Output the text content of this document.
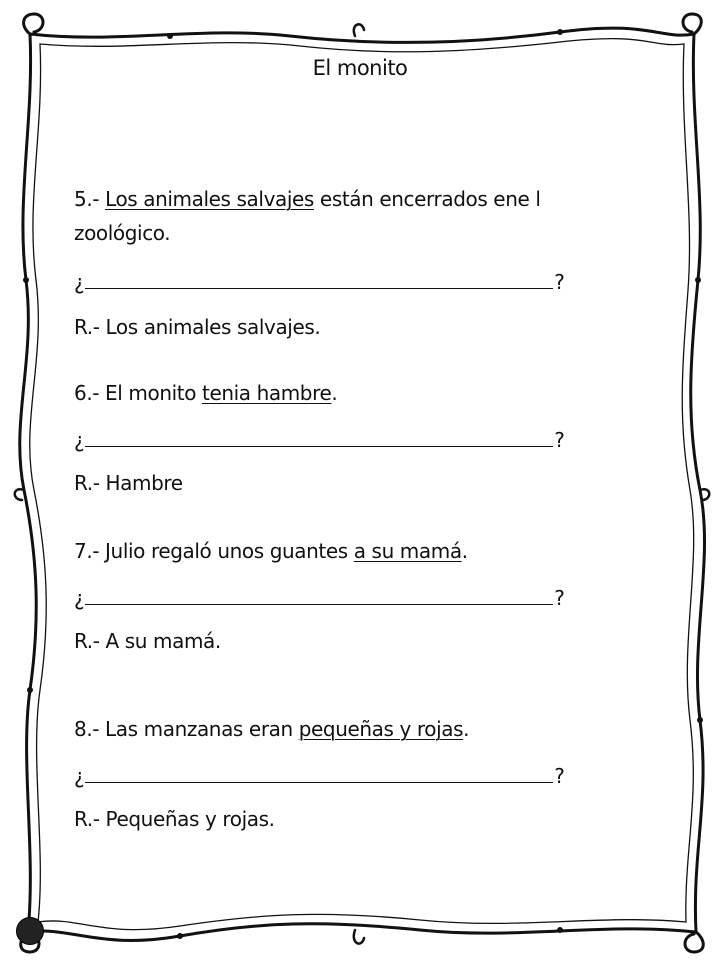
El monito
5.- Los animales salvajes están encerrados ene l
zoológico.
¿	?
R.- Los animales salvajes.
6.- El monito tenia hambre.
¿	?
R.- Hambre
7.- Julio regaló unos guantes a su mamá.
¿	?
R.- A su mamá.
8.- Las manzanas eran pequeñas y rojas.
¿	?
R.- Pequeñas y rojas.
